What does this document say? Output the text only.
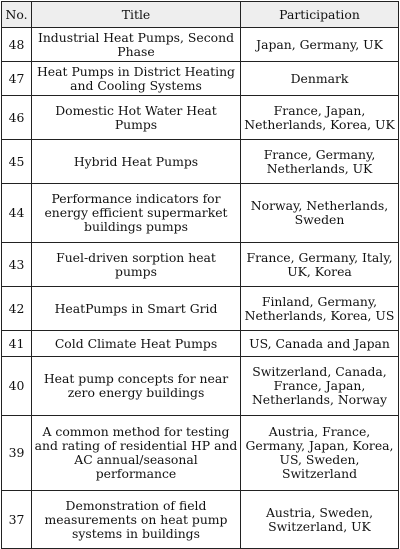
No.	Title	Participation
48	Industrial Heat Pumps, Second Phase	Japan, Germany, UK
47	Heat Pumps in District Heating and Cooling Systems	Denmark
46	Domestic Hot Water Heat Pumps	France, Japan, Netherlands, Korea, UK
45	Hybrid Heat Pumps	France, Germany, Netherlands, UK
44	Performance indicators for energy efficient supermarket buildings pumps	Norway, Netherlands, Sweden
43	Fuel-driven sorption heat pumps	France, Germany, Italy, UK, Korea
42	HeatPumps in Smart Grid	Finland, Germany, Netherlands, Korea, US
41	Cold Climate Heat Pumps	US, Canada and Japan
40	Heat pump concepts for near zero energy buildings	Switzerland, Canada, France, Japan, Netherlands, Norway
39	A common method for testing and rating of residential HP and AC annual/seasonal performance	Austria, France, Germany, Japan, Korea, US, Sweden, Switzerland
37	Demonstration of field measurements on heat pump systems in buildings	Austria, Sweden, Switzerland, UK
